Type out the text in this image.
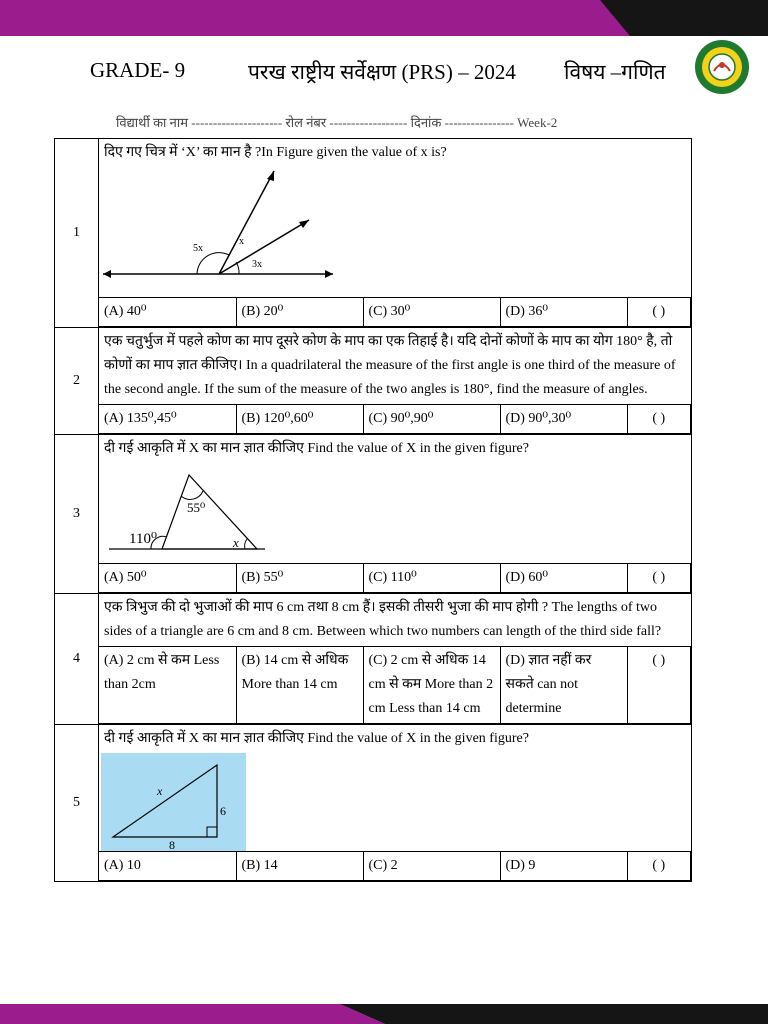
GRADE- 9	परख राष्ट्रीय सर्वेक्षण (PRS) – 2024 विषय –गणित
विद्यार्थी का नाम --------------------- रोल नंबर ------------------ दिनांक ---------------- Week-2
1	
दिए गए चित्र में ‘X’ का मान है ?In Figure given the value of x is?
5x
x
3x
(A) 40⁰	(B) 20⁰	(C) 30⁰	(D) 36⁰	( )

2	
एक चतुर्भुज में पहले कोण का माप दूसरे कोण के माप का एक तिहाई है। यदि दोनों कोणों के माप का योग 180° है, तो कोणों का माप ज्ञात कीजिए। In a quadrilateral the measure of the first angle is one third of the measure of the second angle. If the sum of the measure of the two angles is 180°, find the measure of angles.
(A) 135⁰,45⁰	(B) 120⁰,60⁰	(C) 90⁰,90⁰	(D) 90⁰,30⁰	( )

3	
दी गई आकृति में X का मान ज्ञात कीजिए Find the value of X in the given figure?
55⁰
110⁰	x
(A) 50⁰	(B) 55⁰	(C) 110⁰	(D) 60⁰	( )

4	
एक त्रिभुज की दो भुजाओं की माप 6 cm तथा 8 cm हैं। इसकी तीसरी भुजा की माप होगी ? The lengths of two sides of a triangle are 6 cm and 8 cm. Between which two numbers can length of the third side fall?
(A) 2 cm से कम Less than 2cm	(B) 14 cm से अधिक More than 14 cm	(C) 2 cm से अधिक 14 cm से कम More than 2 cm Less than 14 cm	(D) ज्ञात नहीं कर सकते can not determine	( )

5	
दी गई आकृति में X का मान ज्ञात कीजिए Find the value of X in the given figure?
x
6
8
(A) 10	(B) 14	(C) 2	(D) 9	( )
